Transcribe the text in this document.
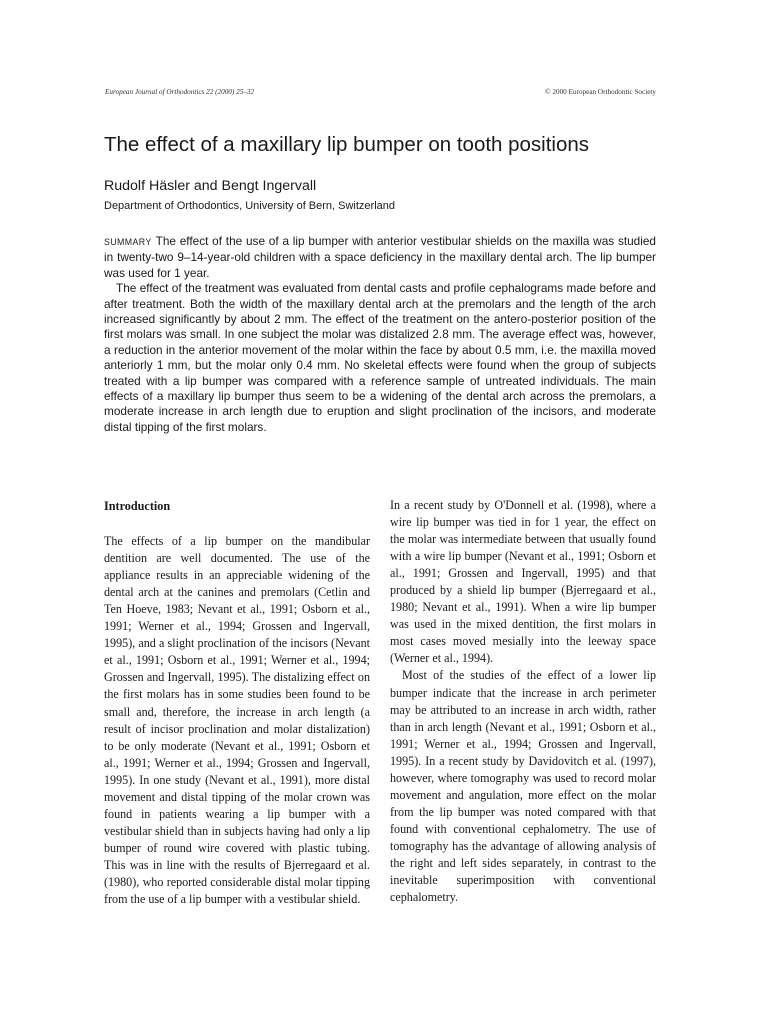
European Journal of Orthodontics 22 (2000) 25–32	© 2000 European Orthodontic Society
The effect of a maxillary lip bumper on tooth positions
Rudolf Häsler and Bengt Ingervall
Department of Orthodontics, University of Bern, Switzerland

SUMMARY The effect of the use of a lip bumper with anterior vestibular shields on the maxilla was studied in twenty-two 9–14-year-old children with a space deficiency in the maxillary dental arch. The lip bumper was used for 1 year.

The effect of the treatment was evaluated from dental casts and profile cephalograms made before and after treatment. Both the width of the maxillary dental arch at the premolars and the length of the arch increased significantly by about 2 mm. The effect of the treatment on the antero-posterior position of the first molars was small. In one subject the molar was distalized 2.8 mm. The average effect was, however, a reduction in the anterior movement of the molar within the face by about 0.5 mm, i.e. the maxilla moved anteriorly 1 mm, but the molar only 0.4 mm. No skeletal effects were found when the group of subjects treated with a lip bumper was compared with a reference sample of untreated individuals. The main effects of a maxillary lip bumper thus seem to be a widening of the dental arch across the premolars, a moderate increase in arch length due to eruption and slight proclination of the incisors, and moderate distal tipping of the first molars.

Introduction

The effects of a lip bumper on the mandibular dentition are well documented. The use of the appliance results in an appreciable widening of the dental arch at the canines and premolars (Cetlin and Ten Hoeve, 1983; Nevant et al., 1991; Osborn et al., 1991; Werner et al., 1994; Grossen and Ingervall, 1995), and a slight proclination of the incisors (Nevant et al., 1991; Osborn et al., 1991; Werner et al., 1994; Grossen and Ingervall, 1995). The distalizing effect on the first molars has in some studies been found to be small and, therefore, the increase in arch length (a result of incisor proclination and molar distalization) to be only moderate (Nevant et al., 1991; Osborn et al., 1991; Werner et al., 1994; Grossen and Ingervall, 1995). In one study (Nevant et al., 1991), more distal movement and distal tipping of the molar crown was found in patients wearing a lip bumper with a vestibular shield than in subjects having had only a lip bumper of round wire covered with plastic tubing. This was in line with the results of Bjerregaard et al. (1980), who reported considerable distal molar tipping from the use of a lip bumper with a vestibular shield.

In a recent study by O'Donnell et al. (1998), where a wire lip bumper was tied in for 1 year, the effect on the molar was intermediate between that usually found with a wire lip bumper (Nevant et al., 1991; Osborn et al., 1991; Grossen and Ingervall, 1995) and that produced by a shield lip bumper (Bjerregaard et al., 1980; Nevant et al., 1991). When a wire lip bumper was used in the mixed dentition, the first molars in most cases moved mesially into the leeway space (Werner et al., 1994).

Most of the studies of the effect of a lower lip bumper indicate that the increase in arch perimeter may be attributed to an increase in arch width, rather than in arch length (Nevant et al., 1991; Osborn et al., 1991; Werner et al., 1994; Grossen and Ingervall, 1995). In a recent study by Davidovitch et al. (1997), however, where tomography was used to record molar movement and angulation, more effect on the molar from the lip bumper was noted compared with that found with conventional cephalometry. The use of tomography has the advantage of allowing analysis of the right and left sides separately, in contrast to the inevitable superimposition with conventional cephalometry.
